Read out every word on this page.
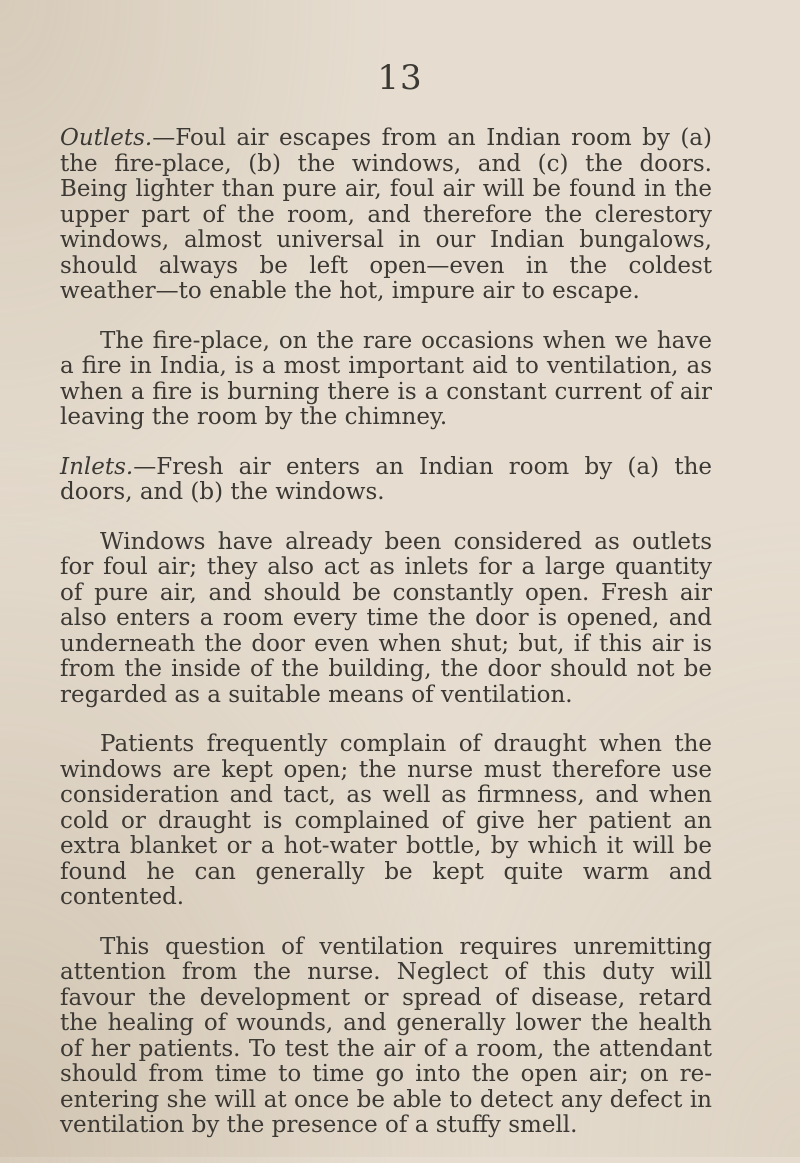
13

Outlets.—Foul air escapes from an Indian room by (a) the fire-place, (b) the windows, and (c) the doors. Being lighter than pure air, foul air will be found in the upper part of the room, and therefore the clerestory windows, almost universal in our Indian bungalows, should always be left open—even in the coldest weather—to enable the hot, impure air to escape.

The fire-place, on the rare occasions when we have a fire in India, is a most important aid to ventilation, as when a fire is burning there is a constant current of air leaving the room by the chimney.

Inlets.—Fresh air enters an Indian room by (a) the doors, and (b) the windows.

Windows have already been considered as outlets for foul air; they also act as inlets for a large quantity of pure air, and should be constantly open. Fresh air also enters a room every time the door is opened, and underneath the door even when shut; but, if this air is from the inside of the building, the door should not be regarded as a suitable means of ventilation.

Patients frequently complain of draught when the windows are kept open; the nurse must therefore use consideration and tact, as well as firmness, and when cold or draught is complained of give her patient an extra blanket or a hot-water bottle, by which it will be found he can generally be kept quite warm and contented.

This question of ventilation requires unremitting attention from the nurse. Neglect of this duty will favour the development or spread of disease, retard the healing of wounds, and generally lower the health of her patients. To test the air of a room, the attendant should from time to time go into the open air; on re-entering she will at once be able to detect any defect in ventilation by the presence of a stuffy smell.
